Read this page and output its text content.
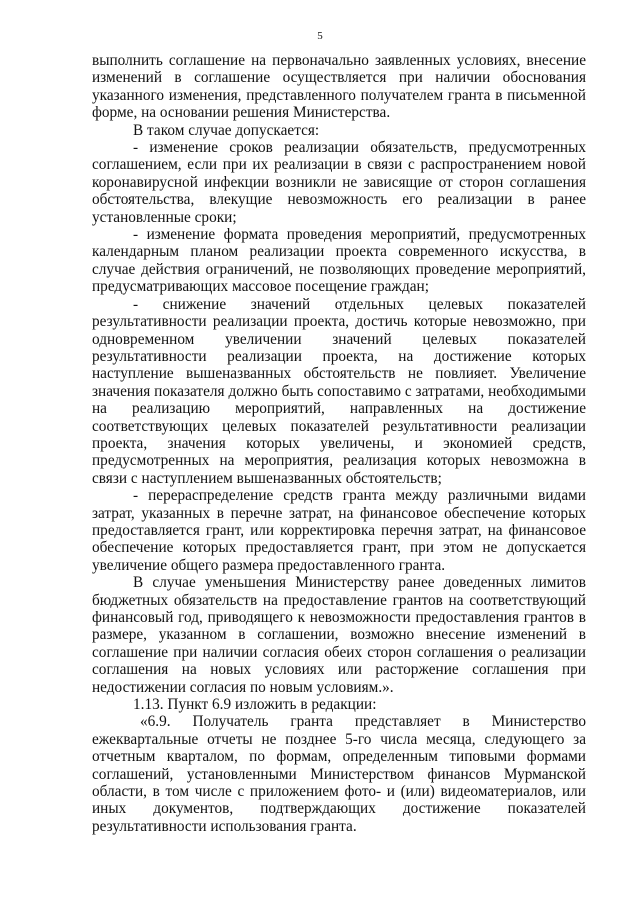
5

выполнить соглашение на первоначально заявленных условиях, внесение изменений в соглашение осуществляется при наличии обоснования указанного изменения, представленного получателем гранта в письменной форме, на основании решения Министерства.

В таком случае допускается:

- изменение сроков реализации обязательств, предусмотренных соглашением, если при их реализации в связи с распространением новой коронавирусной инфекции возникли не зависящие от сторон соглашения обстоятельства, влекущие невозможность его реализации в ранее установленные сроки;

- изменение формата проведения мероприятий, предусмотренных календарным планом реализации проекта современного искусства, в случае действия ограничений, не позволяющих проведение мероприятий, предусматривающих массовое посещение граждан;

- снижение значений отдельных целевых показателей результативности реализации проекта, достичь которые невозможно, при одновременном увеличении значений целевых показателей результативности реализации проекта, на достижение которых наступление вышеназванных обстоятельств не повлияет. Увеличение значения показателя должно быть сопоставимо с затратами, необходимыми на реализацию мероприятий, направленных на достижение соответствующих целевых показателей результативности реализации проекта, значения которых увеличены, и экономией средств, предусмотренных на мероприятия, реализация которых невозможна в связи с наступлением вышеназванных обстоятельств;

- перераспределение средств гранта между различными видами затрат, указанных в перечне затрат, на финансовое обеспечение которых предоставляется грант, или корректировка перечня затрат, на финансовое обеспечение которых предоставляется грант, при этом не допускается увеличение общего размера предоставленного гранта.

В случае уменьшения Министерству ранее доведенных лимитов бюджетных обязательств на предоставление грантов на соответствующий финансовый год, приводящего к невозможности предоставления грантов в размере, указанном в соглашении, возможно внесение изменений в соглашение при наличии согласия обеих сторон соглашения о реализации соглашения на новых условиях или расторжение соглашения при недостижении согласия по новым условиям.».

1.13. Пункт 6.9 изложить в редакции:

«6.9. Получатель гранта представляет в Министерство ежеквартальные отчеты не позднее 5-го числа месяца, следующего за отчетным кварталом, по формам, определенным типовыми формами соглашений, установленными Министерством финансов Мурманской области, в том числе с приложением фото- и (или) видеоматериалов, или иных документов, подтверждающих достижение показателей результативности использования гранта.
